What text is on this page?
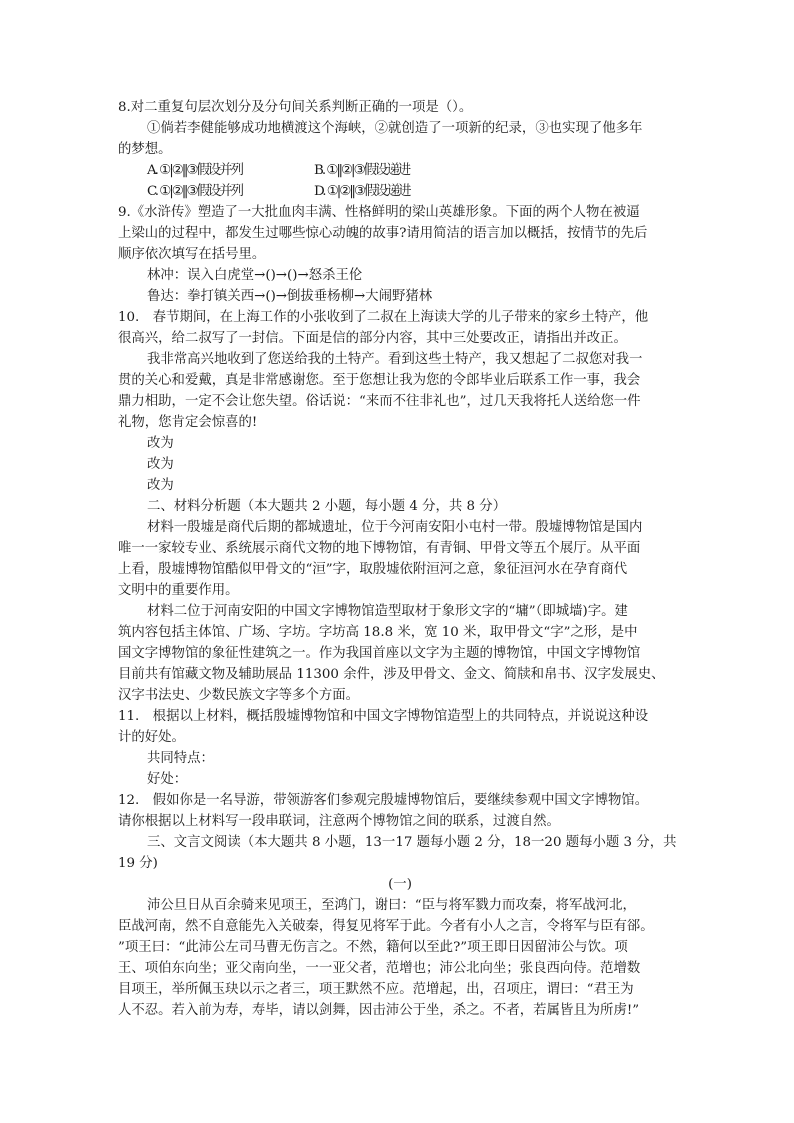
8.对二重复句层次划分及分句间关系判断正确的一项是（）。
①倘若李健能够成功地横渡这个海峡，②就创造了一项新的纪录，③也实现了他多年
的梦想。
A. ①|②‖③假设并列	B. ①‖②|③假设递进
C. ①|②‖③假设并列	D. ①|②‖③假设递进
9.《水浒传》塑造了一大批血肉丰满、性格鲜明的梁山英雄形象。下面的两个人物在被逼
上梁山的过程中，都发生过哪些惊心动魄的故事?请用简洁的语言加以概括，按情节的先后
顺序依次填写在括号里。
林冲：误入白虎堂→()→()→怒杀王伦
鲁达：拳打镇关西→()→倒拔垂杨柳→大闹野猪林
10.　春节期间，在上海工作的小张收到了二叔在上海读大学的儿子带来的家乡土特产，他
很高兴，给二叔写了一封信。下面是信的部分内容，其中三处要改正，请指出并改正。
我非常高兴地收到了您送给我的土特产。看到这些土特产，我又想起了二叔您对我一
贯的关心和爱戴，真是非常感谢您。至于您想让我为您的令郎毕业后联系工作一事，我会
鼎力相助，一定不会让您失望。俗话说：“来而不往非礼也”，过几天我将托人送给您一件
礼物，您肯定会惊喜的!
改为
改为
改为
二、材料分析题（本大题共 2 小题，每小题 4 分，共 8 分）
材料一殷墟是商代后期的都城遗址，位于今河南安阳小屯村一带。殷墟博物馆是国内
唯一一家较专业、系统展示商代文物的地下博物馆，有青铜、甲骨文等五个展厅。从平面
上看，殷墟博物馆酷似甲骨文的“洹”字，取殷墟依附洹河之意，象征洹河水在孕育商代
文明中的重要作用。
材料二位于河南安阳的中国文字博物馆造型取材于象形文字的“墉”（即城墙)字。建
筑内容包括主体馆、广场、字坊。字坊高 18.8 米，宽 10 米，取甲骨文“字”之形，是中
国文字博物馆的象征性建筑之一。作为我国首座以文字为主题的博物馆，中国文字博物馆
目前共有馆藏文物及辅助展品 11300 余件，涉及甲骨文、金文、简牍和帛书、汉字发展史、
汉字书法史、少数民族文字等多个方面。
11.　根据以上材料，概括殷墟博物馆和中国文字博物馆造型上的共同特点，并说说这种设
计的好处。
共同特点：
好处：
12.　假如你是一名导游，带领游客们参观完殷墟博物馆后，要继续参观中国文字博物馆。
请你根据以上材料写一段串联词，注意两个博物馆之间的联系，过渡自然。
三、文言文阅读（本大题共 8 小题，13一17 题每小题 2 分，18一20 题每小题 3 分，共
19 分)
(一)
沛公旦日从百余骑来见项王，至鸿门，谢曰：“臣与将军戮力而攻秦，将军战河北，
臣战河南，然不自意能先入关破秦，得复见将军于此。今者有小人之言，令将军与臣有郤。
”项王曰：“此沛公左司马曹无伤言之。不然，籍何以至此?”项王即日因留沛公与饮。项
王、项伯东向坐；亚父南向坐，一一亚父者，范增也；沛公北向坐；张良西向侍。范增数
目项王，举所佩玉玦以示之者三，项王默然不应。范增起，出，召项庄，谓曰：“君王为
人不忍。若入前为寿，寿毕，请以剑舞，因击沛公于坐，杀之。不者，若属皆且为所虏!”
